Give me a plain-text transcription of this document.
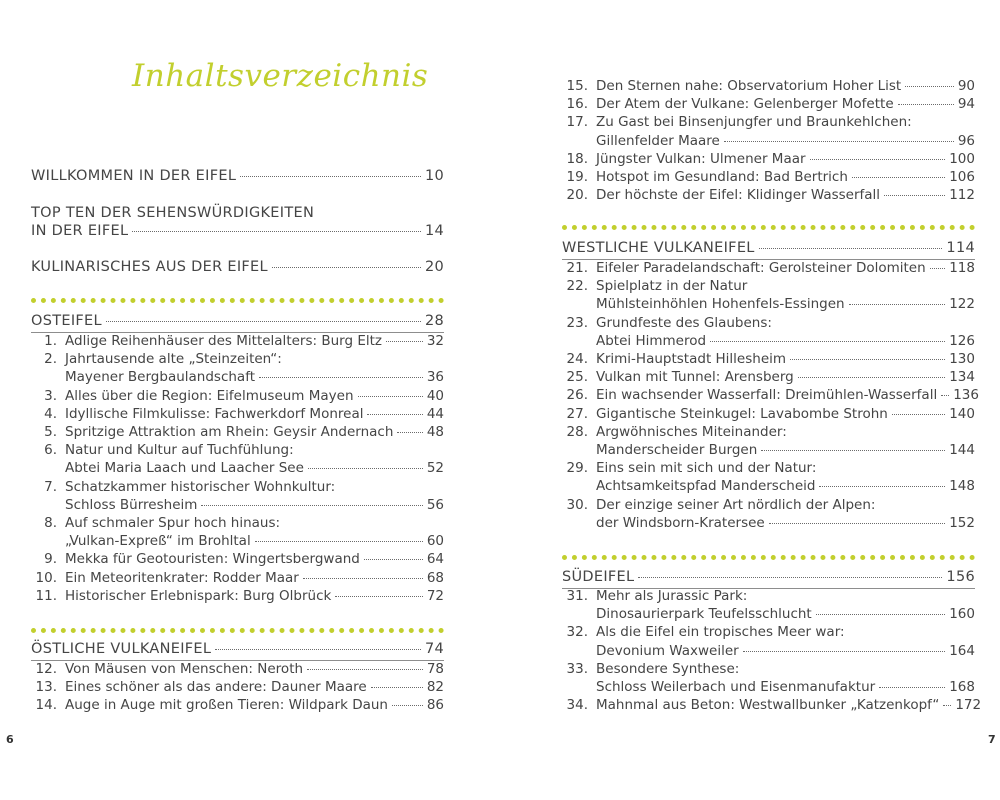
Inhaltsverzeichnis
WILLKOMMEN IN DER EIFEL	10
TOP TEN DER SEHENSWÜRDIGKEITEN
IN DER EIFEL	14
KULINARISCHES AUS DER EIFEL	20
OSTEIFEL	28
1. Adlige Reihenhäuser des Mittelalters: Burg Eltz	32
2. Jahrtausende alte „Steinzeiten“:
Mayener Bergbaulandschaft	36
3. Alles über die Region: Eifelmuseum Mayen	40
4. Idyllische Filmkulisse: Fachwerkdorf Monreal	44
5. Spritzige Attraktion am Rhein: Geysir Andernach 48
6. Natur und Kultur auf Tuchfühlung:
Abtei Maria Laach und Laacher See	52
7. Schatzkammer historischer Wohnkultur:
Schloss Bürresheim	56
8. Auf schmaler Spur hoch hinaus:
„Vulkan-Expreß“ im Brohltal	60
9. Mekka für Geotouristen: Wingertsbergwand	64
10. Ein Meteoritenkrater: Rodder Maar	68
11. Historischer Erlebnispark: Burg Olbrück	72
ÖSTLICHE VULKANEIFEL	74
12. Von Mäusen von Menschen: Neroth	78
13. Eines schöner als das andere: Dauner Maare	82
14. Auge in Auge mit großen Tieren: Wildpark Daun	86
15. Den Sternen nahe: Observatorium Hoher List	90
16. Der Atem der Vulkane: Gelenberger Mofette	94
17. Zu Gast bei Binsenjungfer und Braunkehlchen:
Gillenfelder Maare	96
18. Jüngster Vulkan: Ulmener Maar	100
19. Hotspot im Gesundland: Bad Bertrich	106
20. Der höchste der Eifel: Klidinger Wasserfall	112
WESTLICHE VULKANEIFEL	114
21. Eifeler Paradelandschaft: Gerolsteiner Dolomiten 118
22. Spielplatz in der Natur
Mühlsteinhöhlen Hohenfels-Essingen	122
23. Grundfeste des Glaubens:
Abtei Himmerod	126
24. Krimi-Hauptstadt Hillesheim	130
25. Vulkan mit Tunnel: Arensberg	134
26. Ein wachsender Wasserfall: Dreimühlen-Wasserfall 136
27. Gigantische Steinkugel: Lavabombe Strohn	140
28. Argwöhnisches Miteinander:
Manderscheider Burgen	144
29. Eins sein mit sich und der Natur:
Achtsamkeitspfad Manderscheid	148
30. Der einzige seiner Art nördlich der Alpen:
der Windsborn-Kratersee	152
SÜDEIFEL	156
31. Mehr als Jurassic Park:
Dinosaurierpark Teufelsschlucht	160
32. Als die Eifel ein tropisches Meer war:
Devonium Waxweiler	164
33. Besondere Synthese:
Schloss Weilerbach und Eisenmanufaktur	168
34. Mahnmal aus Beton: Westwallbunker „Katzenkopf“ 172
6	7
